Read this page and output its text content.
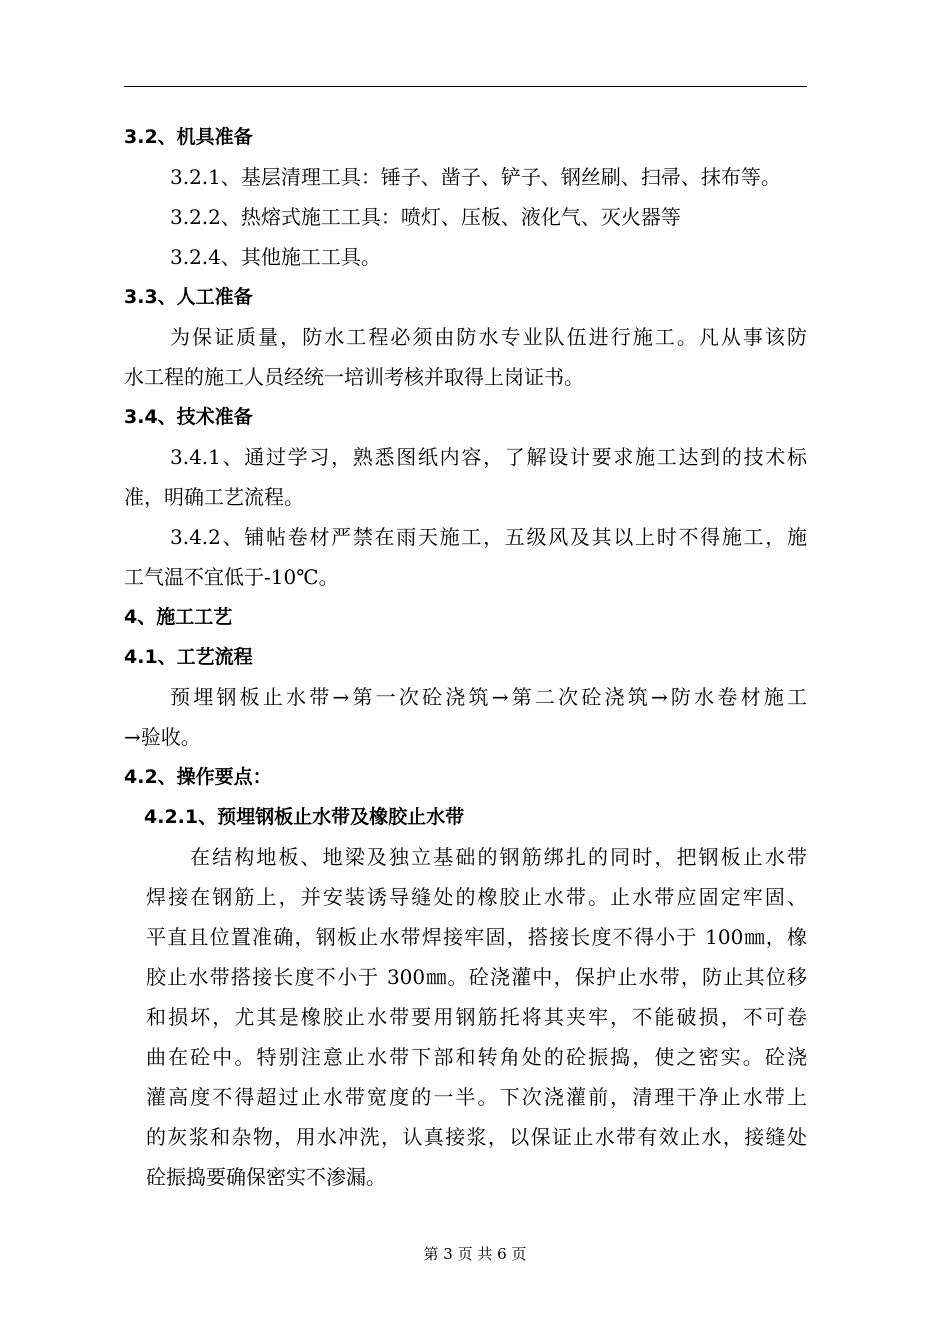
3.2、机具准备
3.2.1、基层清理工具：锤子、凿子、铲子、钢丝刷、扫帚、抹布等。
3.2.2、热熔式施工工具：喷灯、压板、液化气、灭火器等
3.2.4、其他施工工具。
3.3、人工准备
为保证质量，防水工程必须由防水专业队伍进行施工。凡从事该防
水工程的施工人员经统一培训考核并取得上岗证书。
3.4、技术准备
3.4.1、通过学习，熟悉图纸内容，了解设计要求施工达到的技术标
准，明确工艺流程。
3.4.2、铺帖卷材严禁在雨天施工，五级风及其以上时不得施工，施
工气温不宜低于-10℃。
4、施工工艺
4.1、工艺流程
预埋钢板止水带→第一次砼浇筑→第二次砼浇筑→防水卷材施工
→验收。
4.2、操作要点：
4.2.1、预埋钢板止水带及橡胶止水带
在结构地板、地梁及独立基础的钢筋绑扎的同时，把钢板止水带
焊接在钢筋上，并安装诱导缝处的橡胶止水带。止水带应固定牢固、
平直且位置准确，钢板止水带焊接牢固，搭接长度不得小于 100㎜，橡
胶止水带搭接长度不小于 300㎜。砼浇灌中，保护止水带，防止其位移
和损坏，尤其是橡胶止水带要用钢筋托将其夹牢，不能破损，不可卷
曲在砼中。特别注意止水带下部和转角处的砼振捣，使之密实。砼浇
灌高度不得超过止水带宽度的一半。下次浇灌前，清理干净止水带上
的灰浆和杂物，用水冲洗，认真接浆，以保证止水带有效止水，接缝处
砼振捣要确保密实不渗漏。
第 3 页 共 6 页
